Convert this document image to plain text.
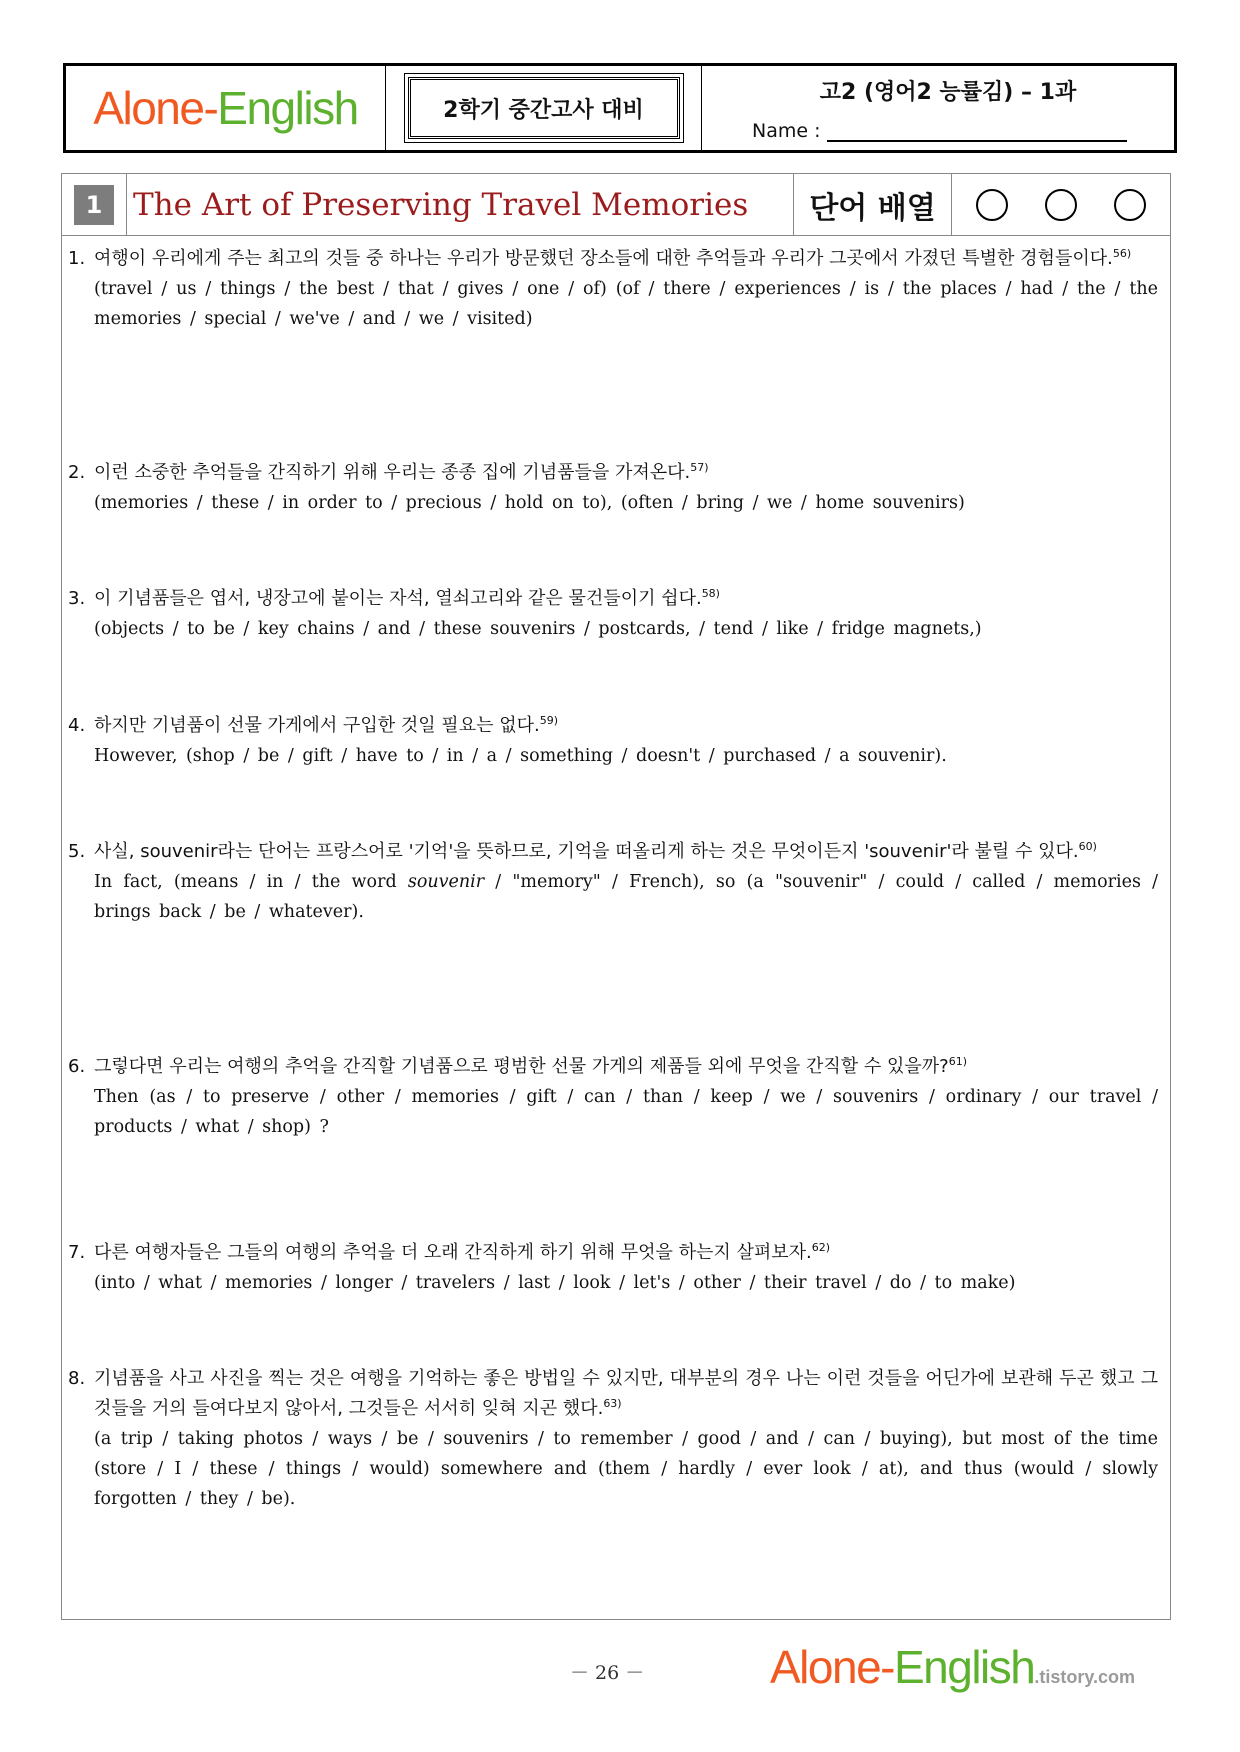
Alone-English	2학기 중간고사 대비
고2 (영어2 능률김) – 1과
Name :
1 The Art of Preserving Travel Memories	단어 배열
1. 여행이 우리에게 주는 최고의 것들 중 하나는 우리가 방문했던 장소들에 대한 추억들과 우리가 그곳에서 가졌던 특별한 경험들이다.$^{56)}$
(travel / us / things / the best / that / gives / one / of) (of / there / experiences / is / the places / had / the / the memories / special / we've / and / we / visited)
2. 이런 소중한 추억들을 간직하기 위해 우리는 종종 집에 기념품들을 가져온다.$^{57)}$
(memories / these / in order to / precious / hold on to), (often / bring / we / home souvenirs)
3. 이 기념품들은 엽서, 냉장고에 붙이는 자석, 열쇠고리와 같은 물건들이기 쉽다.$^{58)}$
(objects / to be / key chains / and / these souvenirs / postcards, / tend / like / fridge magnets,)
4. 하지만 기념품이 선물 가게에서 구입한 것일 필요는 없다.$^{59)}$
However, (shop / be / gift / have to / in / a / something / doesn't / purchased / a souvenir).
5. 사실, souvenir라는 단어는 프랑스어로 '기억'을 뜻하므로, 기억을 떠올리게 하는 것은 무엇이든지 'souvenir'라 불릴 수 있다.$^{60)}$
In fact, (means / in / the word souvenir / "memory" / French), so (a "souvenir" / could / called / memories / brings back / be / whatever).
6. 그렇다면 우리는 여행의 추억을 간직할 기념품으로 평범한 선물 가게의 제품들 외에 무엇을 간직할 수 있을까?$^{61)}$
Then (as / to preserve / other / memories / gift / can / than / keep / we / souvenirs / ordinary / our travel / products / what / shop) ?
7. 다른 여행자들은 그들의 여행의 추억을 더 오래 간직하게 하기 위해 무엇을 하는지 살펴보자.$^{62)}$
(into / what / memories / longer / travelers / last / look / let's / other / their travel / do / to make)
8. 기념품을 사고 사진을 찍는 것은 여행을 기억하는 좋은 방법일 수 있지만, 대부분의 경우 나는 이런 것들을 어딘가에 보관해 두곤 했고 그것들을 거의 들여다보지 않아서, 그것들은 서서히 잊혀 지곤 했다.$^{63)}$
(a trip / taking photos / ways / be / souvenirs / to remember / good / and / can / buying), but most of the time (store / I / these / things / would) somewhere and (them / hardly / ever look / at), and thus (would / slowly forgotten / they / be).
－ 26 －	Alone-English.tistory.com
